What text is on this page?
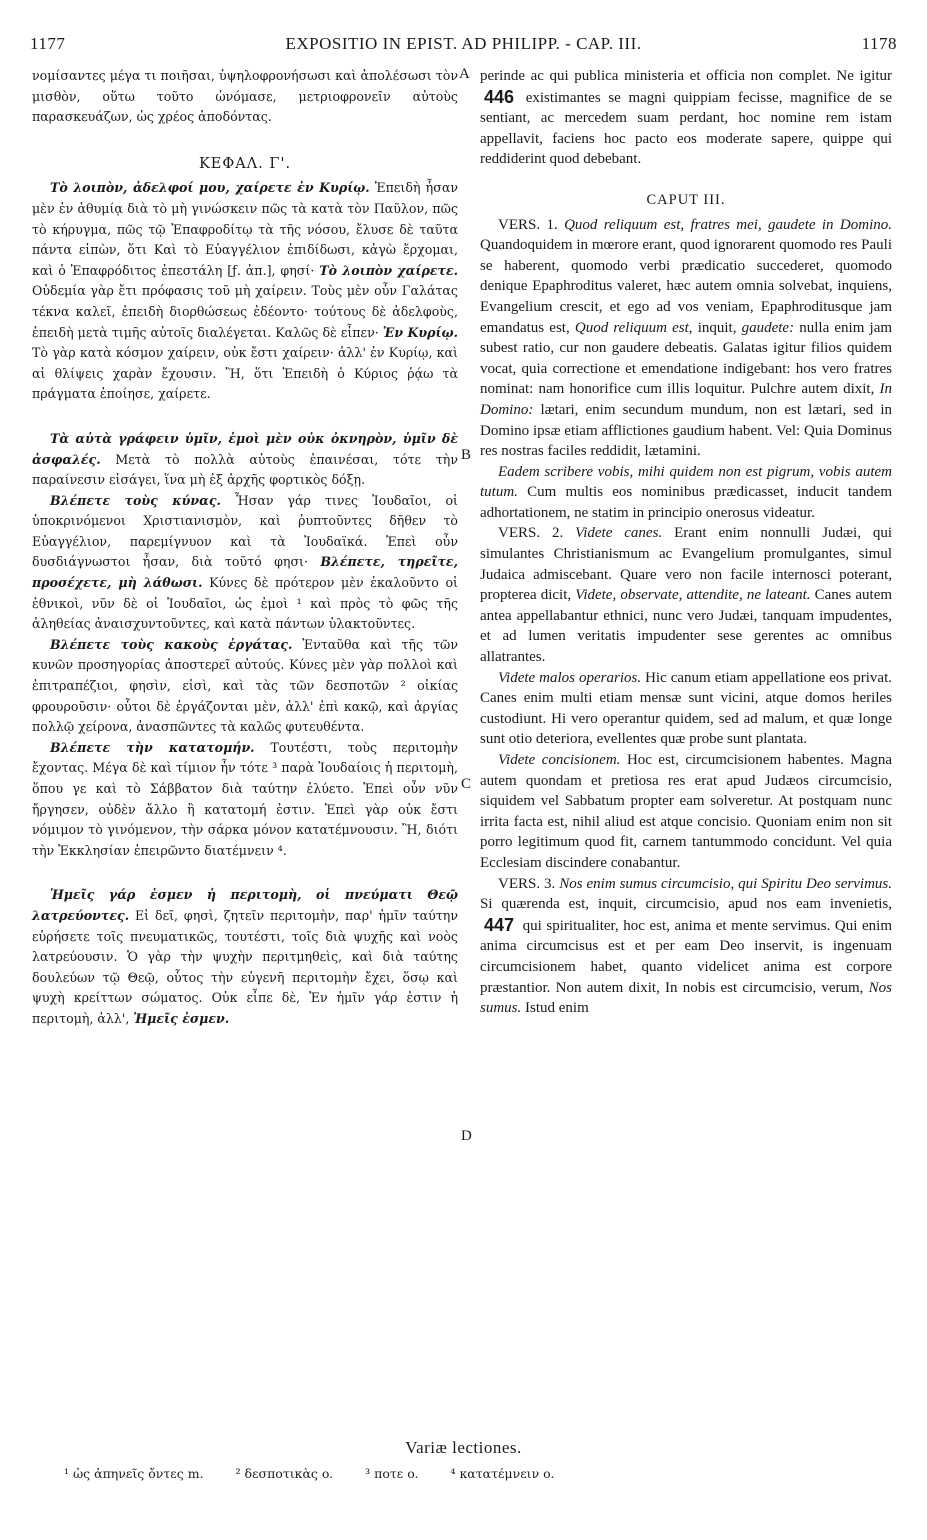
1177	EXPOSITIO IN EPIST. AD PHILIPP. - CAP. III.	1178

νομίσαντες μέγα τι ποιῆσαι, ὑψηλοφρονήσωσι καὶ ἀπολέσωσι τὸν μισθὸν, οὕτω τοῦτο ὠνόμασε, μετριοφρονεῖν αὐτοὺς παρασκευάζων, ὡς χρέος ἀποδόντας.

ΚΕΦΑΛ. Γ'.

Τὸ λοιπὸν, ἀδελφοί μου, χαίρετε ἐν Κυρίῳ. Ἐπειδὴ ἦσαν μὲν ἐν ἀθυμίᾳ διὰ τὸ μὴ γινώσκειν πῶς τὰ κατὰ τὸν Παῦλον, πῶς τὸ κήρυγμα, πῶς τῷ Ἐπαφροδίτῳ τὰ τῆς νόσου, ἔλυσε δὲ ταῦτα πάντα εἰπὼν, ὅτι Καὶ τὸ Εὐαγγέλιον ἐπιδίδωσι, κἀγὼ ἔρχομαι, καὶ ὁ Ἐπαφρόδιτος ἐπεστάλη [ƒ. ἀπ.], φησί· Τὸ λοιπὸν χαίρετε. Οὐδεμία γὰρ ἔτι πρόφασις τοῦ μὴ χαίρειν. Τοὺς μὲν οὖν Γαλάτας τέκνα καλεῖ, ἐπειδὴ διορθώσεως ἐδέοντο· τούτους δὲ ἀδελφοὺς, ἐπειδὴ μετὰ τιμῆς αὐτοῖς διαλέγεται. Καλῶς δὲ εἶπεν· Ἐν Κυρίῳ. Τὸ γὰρ κατὰ κόσμον χαίρειν, οὐκ ἔστι χαίρειν· ἀλλ' ἐν Κυρίῳ, καὶ αἱ θλίψεις χαρὰν ἔχουσιν. Ἢ, ὅτι Ἐπειδὴ ὁ Κύριος ῥᾴω τὰ πράγματα ἐποίησε, χαίρετε.

Τὰ αὐτὰ γράφειν ὑμῖν, ἐμοὶ μὲν οὐκ ὀκνηρὸν, ὑμῖν δὲ ἀσφαλές. Μετὰ τὸ πολλὰ αὐτοὺς ἐπαινέσαι, τότε τὴν παραίνεσιν εἰσάγει, ἵνα μὴ ἐξ ἀρχῆς φορτικὸς δόξῃ.

Βλέπετε τοὺς κύνας. Ἦσαν γάρ τινες Ἰουδαῖοι, οἱ ὑποκρινόμενοι Χριστιανισμὸν, καὶ ῥυπτοῦντες δῆθεν τὸ Εὐαγγέλιον, παρεμίγνυον καὶ τὰ Ἰουδαϊκά. Ἐπεὶ οὖν δυσδιάγνωστοι ἦσαν, διὰ τοῦτό φησι· Βλέπετε, τηρεῖτε, προσέχετε, μὴ λάθωσι. Κύνες δὲ πρότερον μὲν ἐκαλοῦντο οἱ ἐθνικοὶ, νῦν δὲ οἱ Ἰουδαῖοι, ὡς ἐμοὶ ¹ καὶ πρὸς τὸ φῶς τῆς ἀληθείας ἀναισχυντοῦντες, καὶ κατὰ πάντων ὑλακτοῦντες.

Βλέπετε τοὺς κακοὺς ἐργάτας. Ἐνταῦθα καὶ τῆς τῶν κυνῶν προσηγορίας ἀποστερεῖ αὐτούς. Κύνες μὲν γὰρ πολλοὶ καὶ ἐπιτραπέζιοι, φησὶν, εἰσὶ, καὶ τὰς τῶν δεσποτῶν ² οἰκίας φρουροῦσιν· οὗτοι δὲ ἐργάζονται μὲν, ἀλλ' ἐπὶ κακῷ, καὶ ἀργίας πολλῷ χείρονα, ἀνασπῶντες τὰ καλῶς φυτευθέντα.

Βλέπετε τὴν κατατομήν. Τουτέστι, τοὺς περιτομὴν ἔχοντας. Μέγα δὲ καὶ τίμιον ἦν τότε ³ παρὰ Ἰουδαίοις ἡ περιτομὴ, ὅπου γε καὶ τὸ Σάββατον διὰ ταύτην ἐλύετο. Ἐπεὶ οὖν νῦν ἤργησεν, οὐδὲν ἄλλο ἢ κατατομή ἐστιν. Ἐπεὶ γὰρ οὐκ ἔστι νόμιμον τὸ γινόμενον, τὴν σάρκα μόνον κατατέμνουσιν. Ἢ, διότι τὴν Ἐκκλησίαν ἐπειρῶντο διατέμνειν ⁴.

Ἡμεῖς γάρ ἐσμεν ἡ περιτομὴ, οἱ πνεύματι Θεῷ λατρεύοντες. Εἰ δεῖ, φησὶ, ζητεῖν περιτομὴν, παρ' ἡμῖν ταύτην εὑρήσετε τοῖς πνευματικῶς, τουτέστι, τοῖς διὰ ψυχῆς καὶ νοὸς λατρεύουσιν. Ὁ γὰρ τὴν ψυχὴν περιτμηθεὶς, καὶ διὰ ταύτης δουλεύων τῷ Θεῷ, οὗτος τὴν εὐγενῆ περιτομὴν ἔχει, ὅσῳ καὶ ψυχὴ κρείττων σώματος. Οὐκ εἶπε δὲ, Ἐν ἡμῖν γάρ ἐστιν ἡ περιτομὴ, ἀλλ', Ἡμεῖς ἐσμεν.

A
B
C
D

perinde ac qui publica ministeria et officia non complet. Ne igitur 446 existimantes se magni quippiam fecisse, magnifice de se sentiant, ac mercedem suam perdant, hoc nomine rem istam appellavit, faciens hoc pacto eos moderate sapere, quippe qui reddiderint quod debebant.

CAPUT III.

VERS. 1. Quod reliquum est, fratres mei, gaudete in Domino. Quandoquidem in mœrore erant, quod ignorarent quomodo res Pauli se haberent, quomodo verbi prædicatio succederet, quomodo denique Epaphroditus valeret, hæc autem omnia solvebat, inquiens, Evangelium crescit, et ego ad vos veniam, Epaphroditusque jam emandatus est, Quod reliquum est, inquit, gaudete: nulla enim jam subest ratio, cur non gaudere debeatis. Galatas igitur filios quidem vocat, quia correctione et emendatione indigebant: hos vero fratres nominat: nam honorifice cum illis loquitur. Pulchre autem dixit, In Domino: lætari, enim secundum mundum, non est lætari, sed in Domino ipsæ etiam afflictiones gaudium habent. Vel: Quia Dominus res nostras faciles reddidit, lætamini.

Eadem scribere vobis, mihi quidem non est pigrum, vobis autem tutum. Cum multis eos nominibus prædicasset, inducit tandem adhortationem, ne statim in principio onerosus videatur.

VERS. 2. Videte canes. Erant enim nonnulli Judæi, qui simulantes Christianismum ac Evangelium promulgantes, simul Judaica admiscebant. Quare vero non facile internosci poterant, propterea dicit, Videte, observate, attendite, ne lateant. Canes autem antea appellabantur ethnici, nunc vero Judæi, tanquam impudentes, et ad lumen veritatis impudenter sese gerentes ac omnibus allatrantes.

Videte malos operarios. Hic canum etiam appellatione eos privat. Canes enim multi etiam mensæ sunt vicini, atque domos heriles custodiunt. Hi vero operantur quidem, sed ad malum, et quæ longe sunt otio deteriora, evellentes quæ probe sunt plantata.

Videte concisionem. Hoc est, circumcisionem habentes. Magna autem quondam et pretiosa res erat apud Judæos circumcisio, siquidem vel Sabbatum propter eam solveretur. At postquam nunc irrita facta est, nihil aliud est atque concisio. Quoniam enim non sit porro legitimum quod fit, carnem tantummodo concidunt. Vel quia Ecclesiam discindere conabantur.

VERS. 3. Nos enim sumus circumcisio, qui Spiritu Deo servimus. Si quærenda est, inquit, circumcisio, apud nos eam invenietis, 447 qui spiritualiter, hoc est, anima et mente servimus. Qui enim anima circumcisus est et per eam Deo inservit, is ingenuam circumcisionem habet, quanto videlicet anima est corpore præstantior. Non autem dixit, In nobis est circumcisio, verum, Nos sumus. Istud enim

Variæ lectiones.
¹ ὡς ἀπηνεῖς ὄντες m.	² δεσποτικὰς o.	³ ποτε o.	⁴ κατατέμνειν o.
